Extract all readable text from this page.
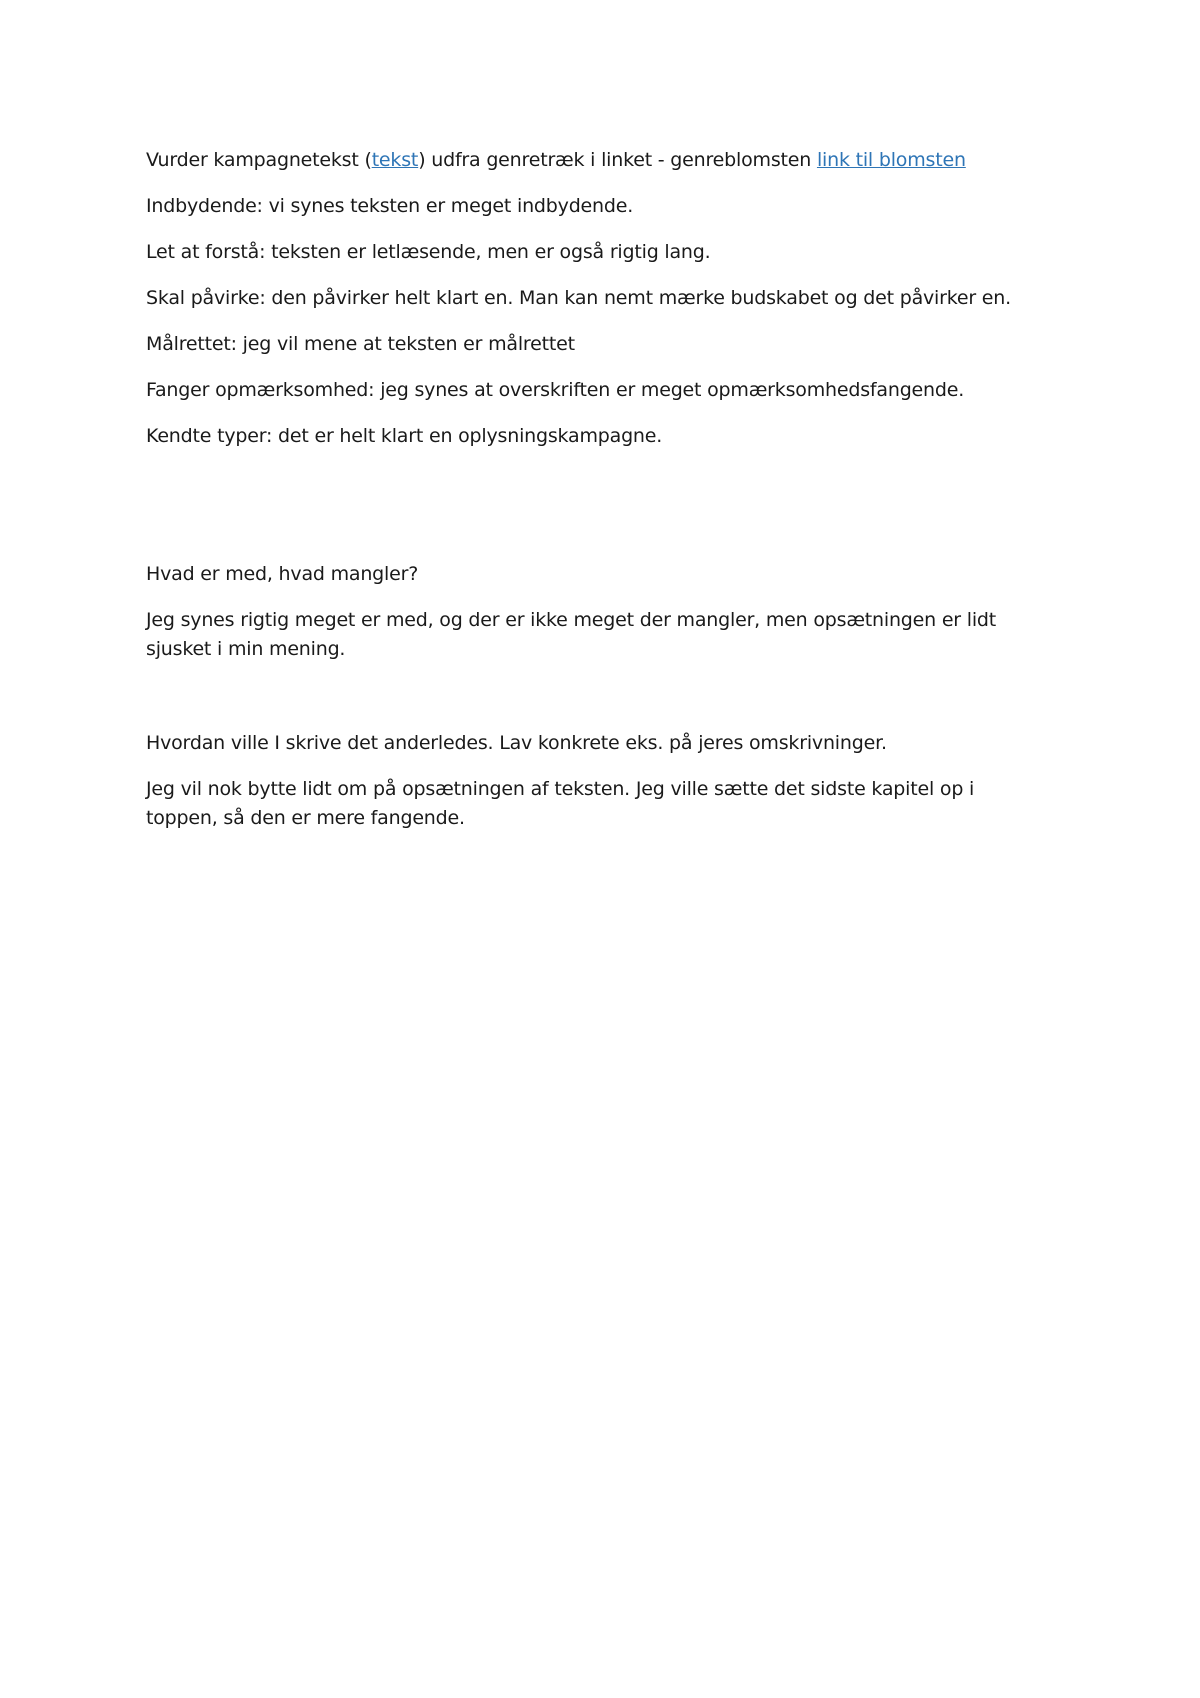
Vurder kampagnetekst (tekst) udfra genretræk i linket - genreblomsten link til blomsten

Indbydende: vi synes teksten er meget indbydende.

Let at forstå: teksten er letlæsende, men er også rigtig lang.

Skal påvirke: den påvirker helt klart en. Man kan nemt mærke budskabet og det påvirker en.

Målrettet: jeg vil mene at teksten er målrettet

Fanger opmærksomhed: jeg synes at overskriften er meget opmærksomhedsfangende.

Kendte typer: det er helt klart en oplysningskampagne.

Hvad er med, hvad mangler?

Jeg synes rigtig meget er med, og der er ikke meget der mangler, men opsætningen er lidt sjusket i min mening.

Hvordan ville I skrive det anderledes. Lav konkrete eks. på jeres omskrivninger.

Jeg vil nok bytte lidt om på opsætningen af teksten. Jeg ville sætte det sidste kapitel op i toppen, så den er mere fangende.
